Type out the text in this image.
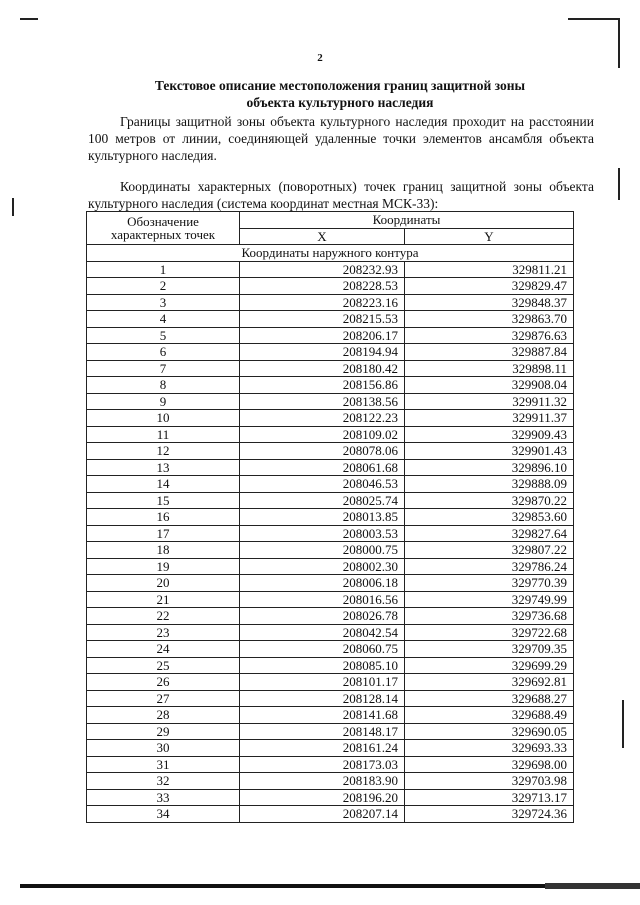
2
Текстовое описание местоположения границ защитной зоны
объекта культурного наследия
Границы защитной зоны объекта культурного наследия проходит на расстоянии 100 метров от линии, соединяющей удаленные точки элементов ансамбля объекта культурного наследия.
Координаты характерных (поворотных) точек границ защитной зоны объекта культурного наследия (система координат местная МСК-33):
Обозначение
характерных точек	Координаты	
	X	Y
Координаты наружного контура		
1	208232.93	329811.21
2	208228.53	329829.47
3	208223.16	329848.37
4	208215.53	329863.70
5	208206.17	329876.63
6	208194.94	329887.84
7	208180.42	329898.11
8	208156.86	329908.04
9	208138.56	329911.32
10	208122.23	329911.37
11	208109.02	329909.43
12	208078.06	329901.43
13	208061.68	329896.10
14	208046.53	329888.09
15	208025.74	329870.22
16	208013.85	329853.60
17	208003.53	329827.64
18	208000.75	329807.22
19	208002.30	329786.24
20	208006.18	329770.39
21	208016.56	329749.99
22	208026.78	329736.68
23	208042.54	329722.68
24	208060.75	329709.35
25	208085.10	329699.29
26	208101.17	329692.81
27	208128.14	329688.27
28	208141.68	329688.49
29	208148.17	329690.05
30	208161.24	329693.33
31	208173.03	329698.00
32	208183.90	329703.98
33	208196.20	329713.17
34	208207.14	329724.36
